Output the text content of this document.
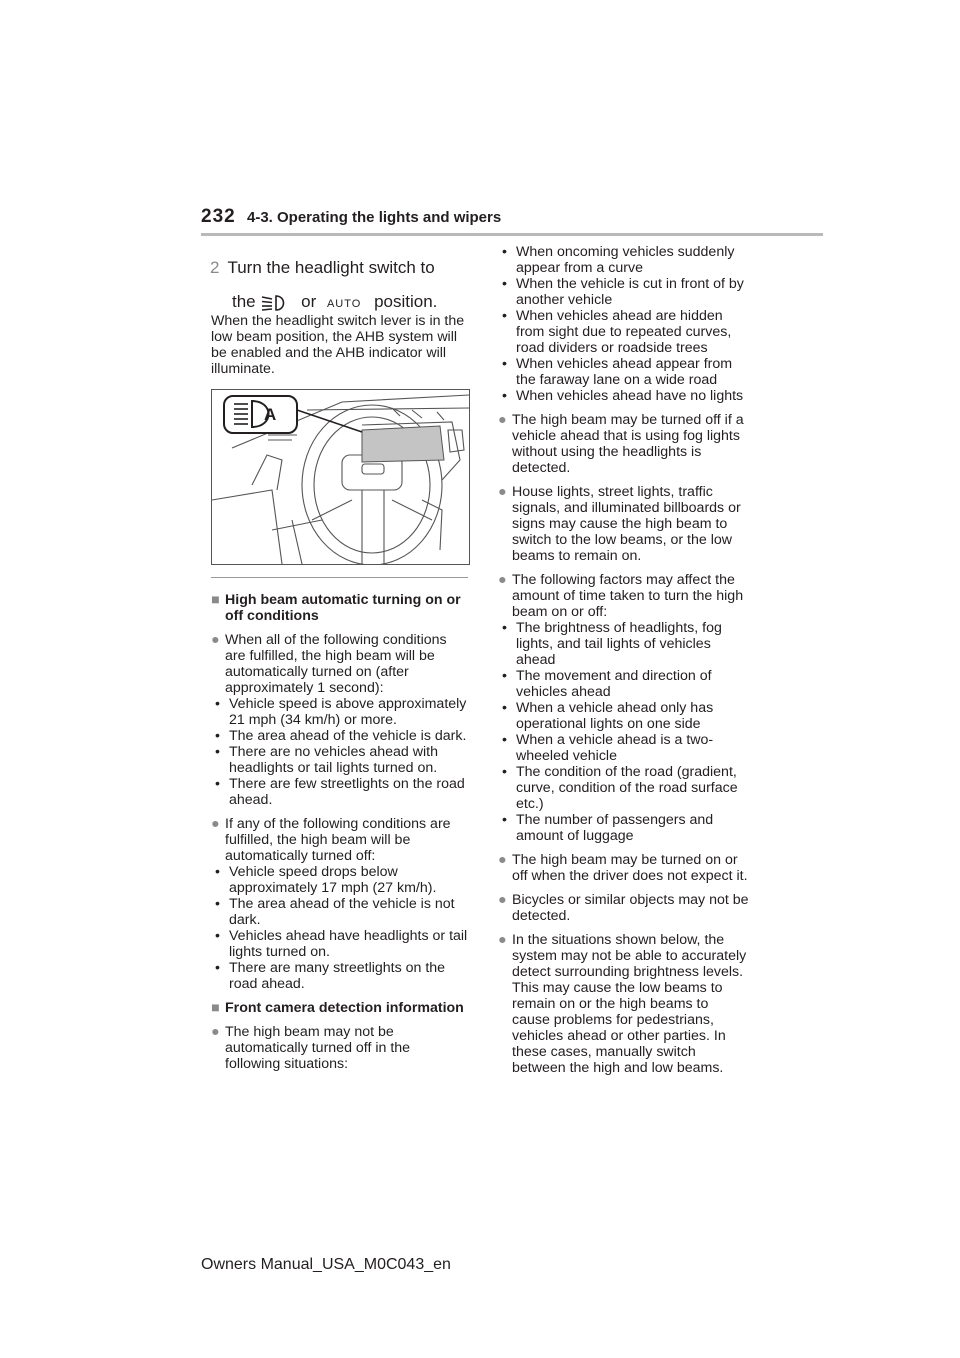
232 4-3. Operating the lights and wipers
2 Turn the headlight switch to
the	or AUTO position.
When the headlight switch lever is in the low beam position, the AHB system will be enabled and the AHB indicator will illuminate.
A

■ High beam automatic turning on or off conditions

● When all of the following conditions are fulfilled, the high beam will be automatically turned on (after approximately 1 second):

• Vehicle speed is above approximately 21 mph (34 km/h) or more.

• The area ahead of the vehicle is dark.

• There are no vehicles ahead with headlights or tail lights turned on.

• There are few streetlights on the road ahead.

● If any of the following conditions are fulfilled, the high beam will be automatically turned off:

• Vehicle speed drops below approximately 17 mph (27 km/h).

• The area ahead of the vehicle is not dark.

• Vehicles ahead have headlights or tail lights turned on.

• There are many streetlights on the road ahead.

■ Front camera detection information

● The high beam may not be automatically turned off in the following situations:

• When oncoming vehicles suddenly appear from a curve

• When the vehicle is cut in front of by another vehicle

• When vehicles ahead are hidden from sight due to repeated curves, road dividers or roadside trees

• When vehicles ahead appear from the faraway lane on a wide road

• When vehicles ahead have no lights

● The high beam may be turned off if a vehicle ahead that is using fog lights without using the headlights is detected.

● House lights, street lights, traffic signals, and illuminated billboards or signs may cause the high beam to switch to the low beams, or the low beams to remain on.

● The following factors may affect the amount of time taken to turn the high beam on or off:

• The brightness of headlights, fog lights, and tail lights of vehicles ahead

• The movement and direction of vehicles ahead

• When a vehicle ahead only has operational lights on one side

• When a vehicle ahead is a two-wheeled vehicle

• The condition of the road (gradient, curve, condition of the road surface etc.)

• The number of passengers and amount of luggage

● The high beam may be turned on or off when the driver does not expect it.

● Bicycles or similar objects may not be detected.

● In the situations shown below, the system may not be able to accurately detect surrounding brightness levels. This may cause the low beams to remain on or the high beams to cause problems for pedestrians, vehicles ahead or other parties. In these cases, manually switch between the high and low beams.

Owners Manual_USA_M0C043_en
